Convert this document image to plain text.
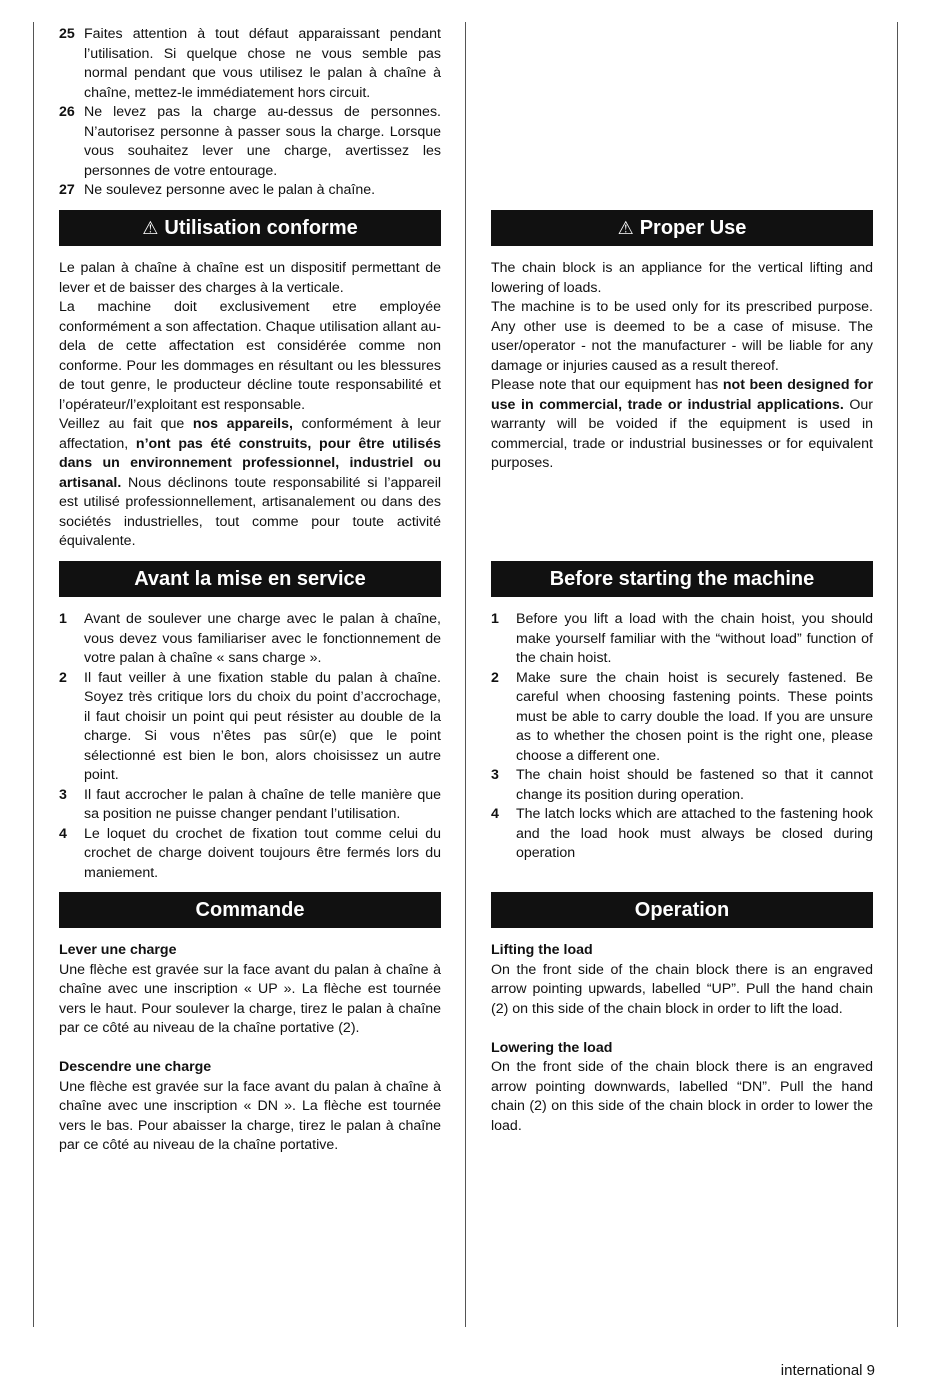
25 Faites attention à tout défaut apparaissant pendant l’utilisation. Si quelque chose ne vous semble pas normal pendant que vous utilisez le palan à chaîne à chaîne, mettez-le immédiatement hors circuit.

26 Ne levez pas la charge au-dessus de personnes. N’autorisez personne à passer sous la charge. Lorsque vous souhaitez lever une charge, avertissez les personnes de votre entourage.

27 Ne soulevez personne avec le palan à chaîne.

⚠ Utilisation conforme

Le palan à chaîne à chaîne est un dispositif permettant de lever et de baisser des charges à la verticale.

La machine doit exclusivement etre employée conformément a son affectation. Chaque utilisation allant au-dela de cette affectation est considérée comme non conforme. Pour les dommages en résultant ou les blessures de tout genre, le producteur décline toute responsabilité et l’opérateur/l’exploitant est responsable.

Veillez au fait que nos appareils, conformément à leur affectation, n’ont pas été construits, pour être utilisés dans un environnement professionnel, industriel ou artisanal. Nous déclinons toute responsabilité si l’appareil est utilisé professionnellement, artisanalement ou dans des sociétés industrielles, tout comme pour toute activité équivalente.

Avant la mise en service

1 Avant de soulever une charge avec le palan à chaîne, vous devez vous familiariser avec le fonctionnement de votre palan à chaîne « sans charge ».

2 Il faut veiller à une fixation stable du palan à chaîne. Soyez très critique lors du choix du point d’accrochage, il faut choisir un point qui peut résister au double de la charge. Si vous n’êtes pas sûr(e) que le point sélectionné est bien le bon, alors choisissez un autre point.

3 Il faut accrocher le palan à chaîne de telle manière que sa position ne puisse changer pendant l’utilisation.

4 Le loquet du crochet de fixation tout comme celui du crochet de charge doivent toujours être fermés lors du maniement.

Commande

Lever une charge

Une flèche est gravée sur la face avant du palan à chaîne à chaîne avec une inscription « UP ». La flèche est tournée vers le haut. Pour soulever la charge, tirez le palan à chaîne par ce côté au niveau de la chaîne portative (2).

Descendre une charge

Une flèche est gravée sur la face avant du palan à chaîne à chaîne avec une inscription « DN ». La flèche est tournée vers le bas. Pour abaisser la charge, tirez le palan à chaîne par ce côté au niveau de la chaîne portative.

⚠ Proper Use

The chain block is an appliance for the vertical lifting and lowering of loads.

The machine is to be used only for its prescribed purpose. Any other use is deemed to be a case of misuse. The user/operator - not the manufacturer - will be liable for any damage or injuries caused as a result thereof.

Please note that our equipment has not been designed for use in commercial, trade or industrial applications. Our warranty will be voided if the equipment is used in commercial, trade or industrial businesses or for equivalent purposes.

Before starting the machine

1 Before you lift a load with the chain hoist, you should make yourself familiar with the “without load” function of the chain hoist.

2 Make sure the chain hoist is securely fastened. Be careful when choosing fastening points. These points must be able to carry double the load. If you are unsure as to whether the chosen point is the right one, please choose a different one.

3 The chain hoist should be fastened so that it cannot change its position during operation.

4 The latch locks which are attached to the fastening hook and the load hook must always be closed during operation

Operation

Lifting the load

On the front side of the chain block there is an engraved arrow pointing upwards, labelled “UP”. Pull the hand chain (2) on this side of the chain block in order to lift the load.

Lowering the load

On the front side of the chain block there is an engraved arrow pointing downwards, labelled “DN”. Pull the hand chain (2) on this side of the chain block in order to lower the load.

international 9
